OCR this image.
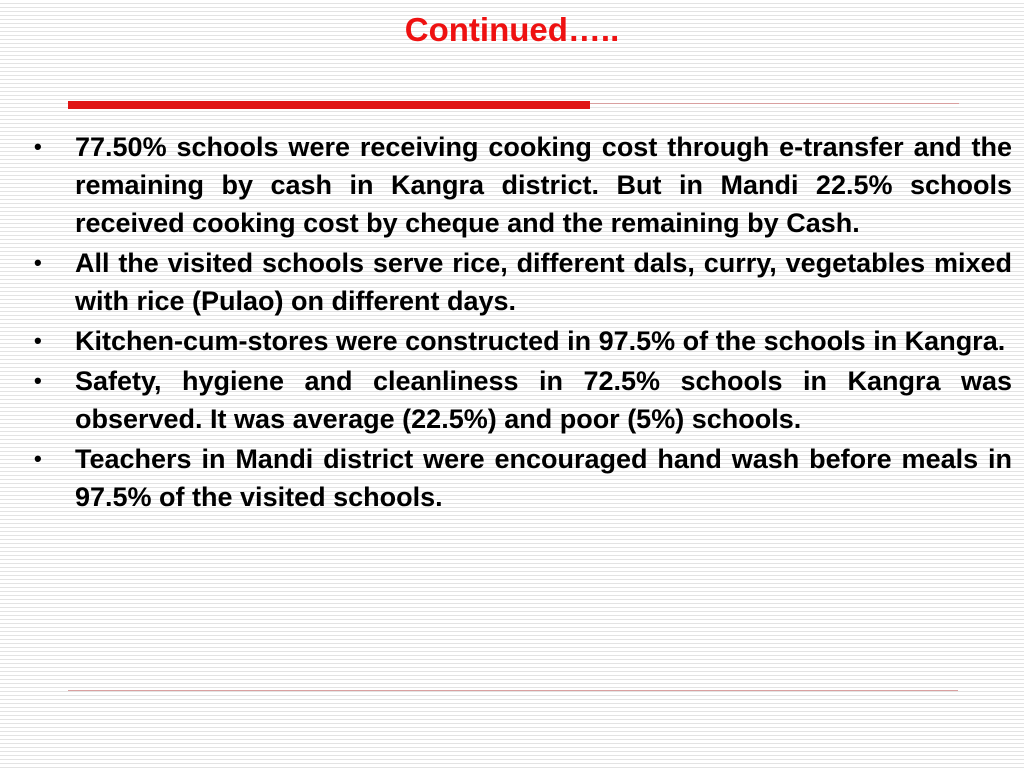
Continued…..
•	77.50% schools were receiving cooking cost through e-transfer and the remaining by cash in Kangra district. But in Mandi 22.5% schools received cooking cost by cheque and the remaining by Cash.
•	All the visited schools serve rice, different dals, curry, vegetables mixed with rice (Pulao) on different days.
•	Kitchen-cum-stores were constructed in 97.5% of the schools in Kangra.
•	Safety, hygiene and cleanliness in 72.5% schools in Kangra was observed. It was average (22.5%) and poor (5%) schools.
•	Teachers in Mandi district were encouraged hand wash before meals in 97.5% of the visited schools.
